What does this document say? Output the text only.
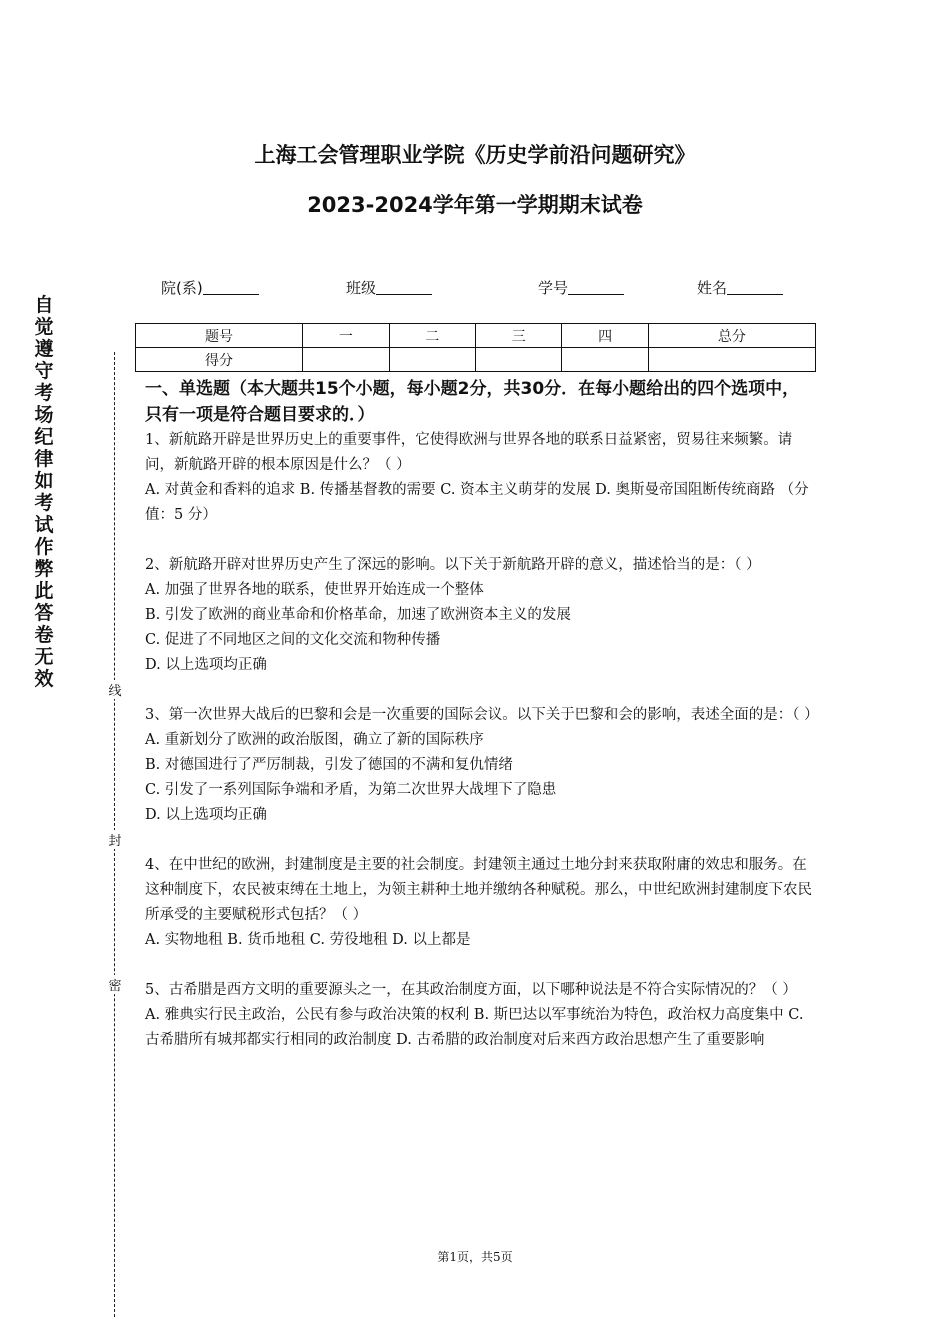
上海工会管理职业学院《历史学前沿问题研究》
2023-2024学年第一学期期末试卷
院(系)	班级	学号	姓名
题号	一	二	三	四	总分
得分					
自觉遵守考场纪律如考试作弊此答卷无效
线
封
密

一、单选题（本大题共15个小题，每小题2分，共30分．在每小题给出的四个选项中，只有一项是符合题目要求的．）

1、新航路开辟是世界历史上的重要事件，它使得欧洲与世界各地的联系日益紧密，贸易往来频繁。请问，新航路开辟的根本原因是什么？（ ）

A. 对黄金和香料的追求 B. 传播基督教的需要 C. 资本主义萌芽的发展 D. 奥斯曼帝国阻断传统商路 （分值：5 分）

2、新航路开辟对世界历史产生了深远的影响。以下关于新航路开辟的意义，描述恰当的是：（ ）

A. 加强了世界各地的联系，使世界开始连成一个整体

B. 引发了欧洲的商业革命和价格革命，加速了欧洲资本主义的发展

C. 促进了不同地区之间的文化交流和物种传播

D. 以上选项均正确

3、第一次世界大战后的巴黎和会是一次重要的国际会议。以下关于巴黎和会的影响，表述全面的是：（ ）

A. 重新划分了欧洲的政治版图，确立了新的国际秩序

B. 对德国进行了严厉制裁，引发了德国的不满和复仇情绪

C. 引发了一系列国际争端和矛盾，为第二次世界大战埋下了隐患

D. 以上选项均正确

4、在中世纪的欧洲，封建制度是主要的社会制度。封建领主通过土地分封来获取附庸的效忠和服务。在这种制度下，农民被束缚在土地上，为领主耕种土地并缴纳各种赋税。那么，中世纪欧洲封建制度下农民所承受的主要赋税形式包括？（ ）

A. 实物地租 B. 货币地租 C. 劳役地租 D. 以上都是

5、古希腊是西方文明的重要源头之一，在其政治制度方面，以下哪种说法是不符合实际情况的？（ ）

A. 雅典实行民主政治，公民有参与政治决策的权利 B. 斯巴达以军事统治为特色，政治权力高度集中 C. 古希腊所有城邦都实行相同的政治制度 D. 古希腊的政治制度对后来西方政治思想产生了重要影响

第1页，共5页
